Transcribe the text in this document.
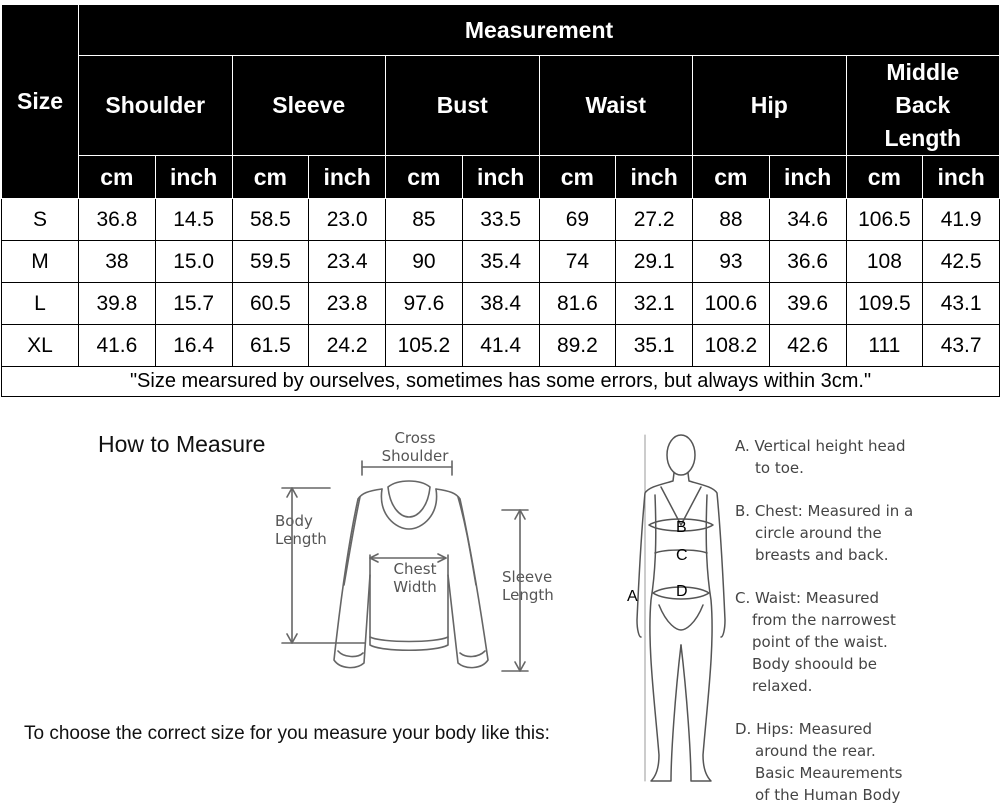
Size	Measurement											
	Shoulder		Sleeve		Bust		Waist		Hip		Middle Back Length	

	cm	inch	cm	inch	cm	inch	cm	inch	cm	inch	cm	inch
S	36.8	14.5	58.5	23.0	85	33.5	69	27.2	88	34.6	106.5	41.9
M	38	15.0	59.5	23.4	90	35.4	74	29.1	93	36.6	108	42.5
L	39.8	15.7	60.5	23.8	97.6	38.4	81.6	32.1	100.6	39.6	109.5	43.1
XL	41.6	16.4	61.5	24.2	105.2	41.4	89.2	35.1	108.2	42.6	111	43.7
"Size mearsured by ourselves, sometimes has some errors, but always within 3cm."												
How to Measure
To choose the correct size for you measure your body like this:
Cross
Shoulder
Body
Length
Chest
Width
Sleeve
Length	A
B
C
D
A. Vertical height head
to toe.
B. Chest: Measured in a
circle around the
breasts and back.
C. Waist: Measured
from the narrowest
point of the waist.
Body shoould be
relaxed.
D. Hips: Measured
around the rear.
Basic Meaurements
of the Human Body
